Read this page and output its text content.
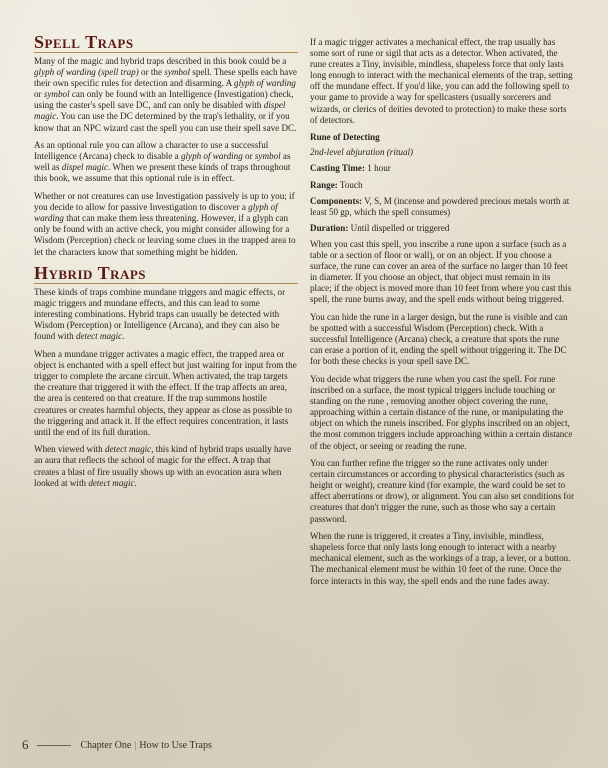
Spell Traps

Many of the magic and hybrid traps described in this book could be a glyph of warding (spell trap) or the symbol spell. These spells each have their own specific rules for detection and disarming. A glyph of warding or symbol can only be found with an Intelligence (Investigation) check, using the caster's spell save DC, and can only be disabled with dispel magic. You can use the DC determined by the trap's lethality, or if you know that an NPC wizard cast the spell you can use their spell save DC.

As an optional rule you can allow a character to use a successful Intelligence (Arcana) check to disable a glyph of warding or symbol as well as dispel magic. When we present these kinds of traps throughout this book, we assume that this optional rule is in effect.

Whether or not creatures can use Investigation passively is up to you; if you decide to allow for passive Investigation to discover a glyph of warding that can make them less threatening. However, if a glyph can only be found with an active check, you might consider allowing for a Wisdom (Perception) check or leaving some clues in the trapped area to let the characters know that something might be hidden.

Hybrid Traps

These kinds of traps combine mundane triggers and magic effects, or magic triggers and mundane effects, and this can lead to some interesting combinations. Hybrid traps can usually be detected with Wisdom (Perception) or Intelligence (Arcana), and they can also be found with detect magic.

When a mundane trigger activates a magic effect, the trapped area or object is enchanted with a spell effect but just waiting for input from the trigger to complete the arcane circuit. When activated, the trap targets the creature that triggered it with the effect. If the trap affects an area, the area is centered on that creature. If the trap summons hostile creatures or creates harmful objects, they appear as close as possible to the triggering and attack it. If the effect requires concentration, it lasts until the end of its full duration.

When viewed with detect magic, this kind of hybrid traps usually have an aura that reflects the school of magic for the effect. A trap that creates a blast of fire usually shows up with an evocation aura when looked at with detect magic.

If a magic trigger activates a mechanical effect, the trap usually has some sort of rune or sigil that acts as a detector. When activated, the rune creates a Tiny, invisible, mindless, shapeless force that only lasts long enough to interact with the mechanical elements of the trap, setting off the mundane effect. If you'd like, you can add the following spell to your game to provide a way for spellcasters (usually sorcerers and wizards, or clerics of deities devoted to protection) to make these sorts of detectors.

Rune of Detecting
2nd-level abjuration (ritual)
Casting Time: 1 hour
Range: Touch
Components: V, S, M (incense and powdered precious metals worth at least 50 gp, which the spell consumes)
Duration: Until dispelled or triggered

When you cast this spell, you inscribe a rune upon a surface (such as a table or a section of floor or wall), or on an object. If you choose a surface, the rune can cover an area of the surface no larger than 10 feet in diameter. If you choose an object, that object must remain in its place; if the object is moved more than 10 feet from where you cast this spell, the rune burns away, and the spell ends without being triggered.

You can hide the rune in a larger design, but the rune is visible and can be spotted with a successful Wisdom (Perception) check. With a successful Intelligence (Arcana) check, a creature that spots the rune can erase a portion of it, ending the spell without triggering it. The DC for both these checks is your spell save DC.

You decide what triggers the rune when you cast the spell. For rune inscribed on a surface, the most typical triggers include touching or standing on the rune , removing another object covering the rune, approaching within a certain distance of the rune, or manipulating the object on which the runeis inscribed. For glyphs inscribed on an object, the most common triggers include approaching within a certain distance of the object, or seeing or reading the rune.

You can further refine the trigger so the rune activates only under certain circumstances or according to physical characteristics (such as height or weight), creature kind (for example, the ward could be set to affect aberrations or drow), or alignment. You can also set conditions for creatures that don't trigger the rune, such as those who say a certain password.

When the rune is triggered, it creates a Tiny, invisible, mindless, shapeless force that only lasts long enough to interact with a nearby mechanical element, such as the workings of a trap, a lever, or a button. The mechanical element must be within 10 feet of the rune. Once the force interacts in this way, the spell ends and the rune fades away.

6	Chapter One | How to Use Traps
